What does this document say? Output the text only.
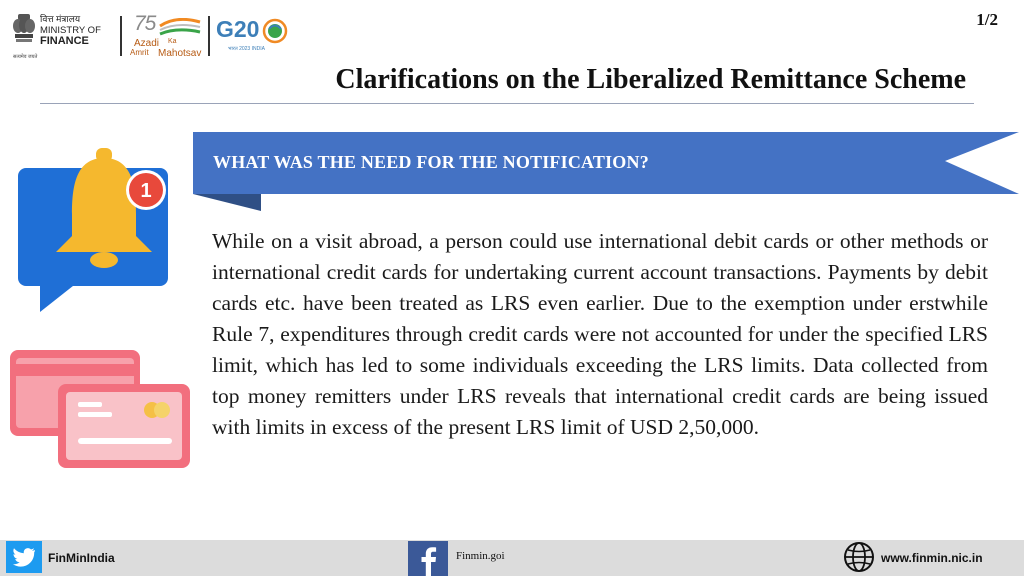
वित्त मंत्रालय
MINISTRY OF
FINANCE
सत्यमेव जयते
75
Azadi Ka
Amrit Mahotsav
G20
भारत 2023 INDIA
1/2
Clarifications on the Liberalized Remittance Scheme
WHAT WAS THE NEED FOR THE NOTIFICATION?
1
While on a visit abroad, a person could use international debit cards or other methods or international credit cards for undertaking current account transactions. Payments by debit cards etc. have been treated as LRS even earlier. Due to the exemption under erstwhile Rule 7, expenditures through credit cards were not accounted for under the specified LRS limit, which has led to some individuals exceeding the LRS limits. Data collected from top money remitters under LRS reveals that international credit cards are being issued with limits in excess of the present LRS limit of USD 2,50,000.
FinMinIndia	Finmin.goi	www.finmin.nic.in
